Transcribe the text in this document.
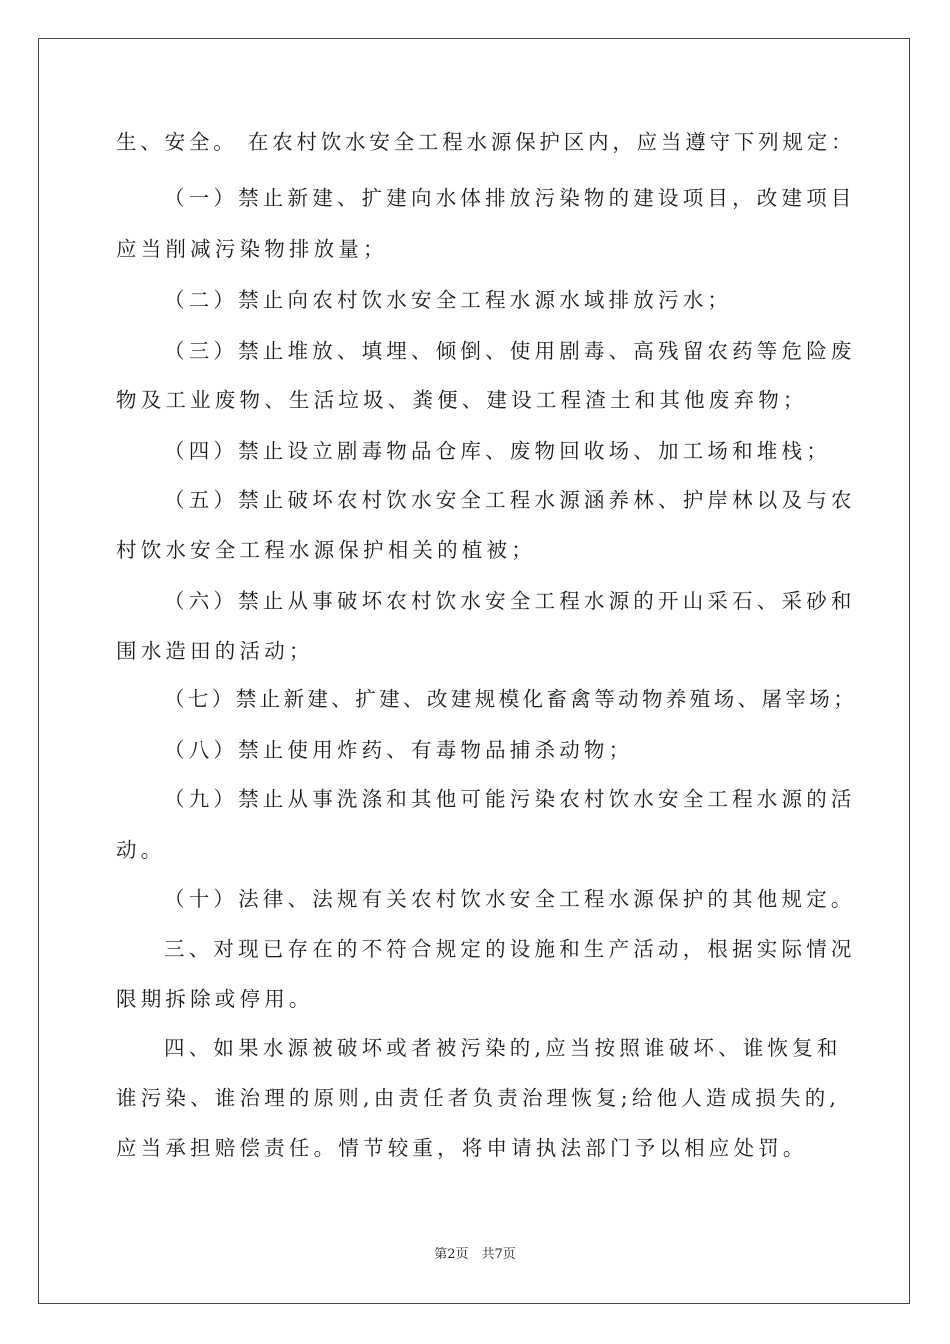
生、安全。 在农村饮水安全工程水源保护区内，应当遵守下列规定：
（一）禁止新建、扩建向水体排放污染物的建设项目，改建项目
应当削减污染物排放量；
（二）禁止向农村饮水安全工程水源水域排放污水；
（三）禁止堆放、填埋、倾倒、使用剧毒、高残留农药等危险废
物及工业废物、生活垃圾、粪便、建设工程渣土和其他废弃物；
（四）禁止设立剧毒物品仓库、废物回收场、加工场和堆栈；
（五）禁止破坏农村饮水安全工程水源涵养林、护岸林以及与农
村饮水安全工程水源保护相关的植被；
（六）禁止从事破坏农村饮水安全工程水源的开山采石、采砂和
围水造田的活动；
（七）禁止新建、扩建、改建规模化畜禽等动物养殖场、屠宰场；
（八）禁止使用炸药、有毒物品捕杀动物；
（九）禁止从事洗涤和其他可能污染农村饮水安全工程水源的活
动。
（十）法律、法规有关农村饮水安全工程水源保护的其他规定。
三、对现已存在的不符合规定的设施和生产活动，根据实际情况
限期拆除或停用。
四、如果水源被破坏或者被污染的,应当按照谁破坏、谁恢复和
谁污染、谁治理的原则,由责任者负责治理恢复;给他人造成损失的,
应当承担赔偿责任。情节较重，将申请执法部门予以相应处罚。
第2页　共7页
